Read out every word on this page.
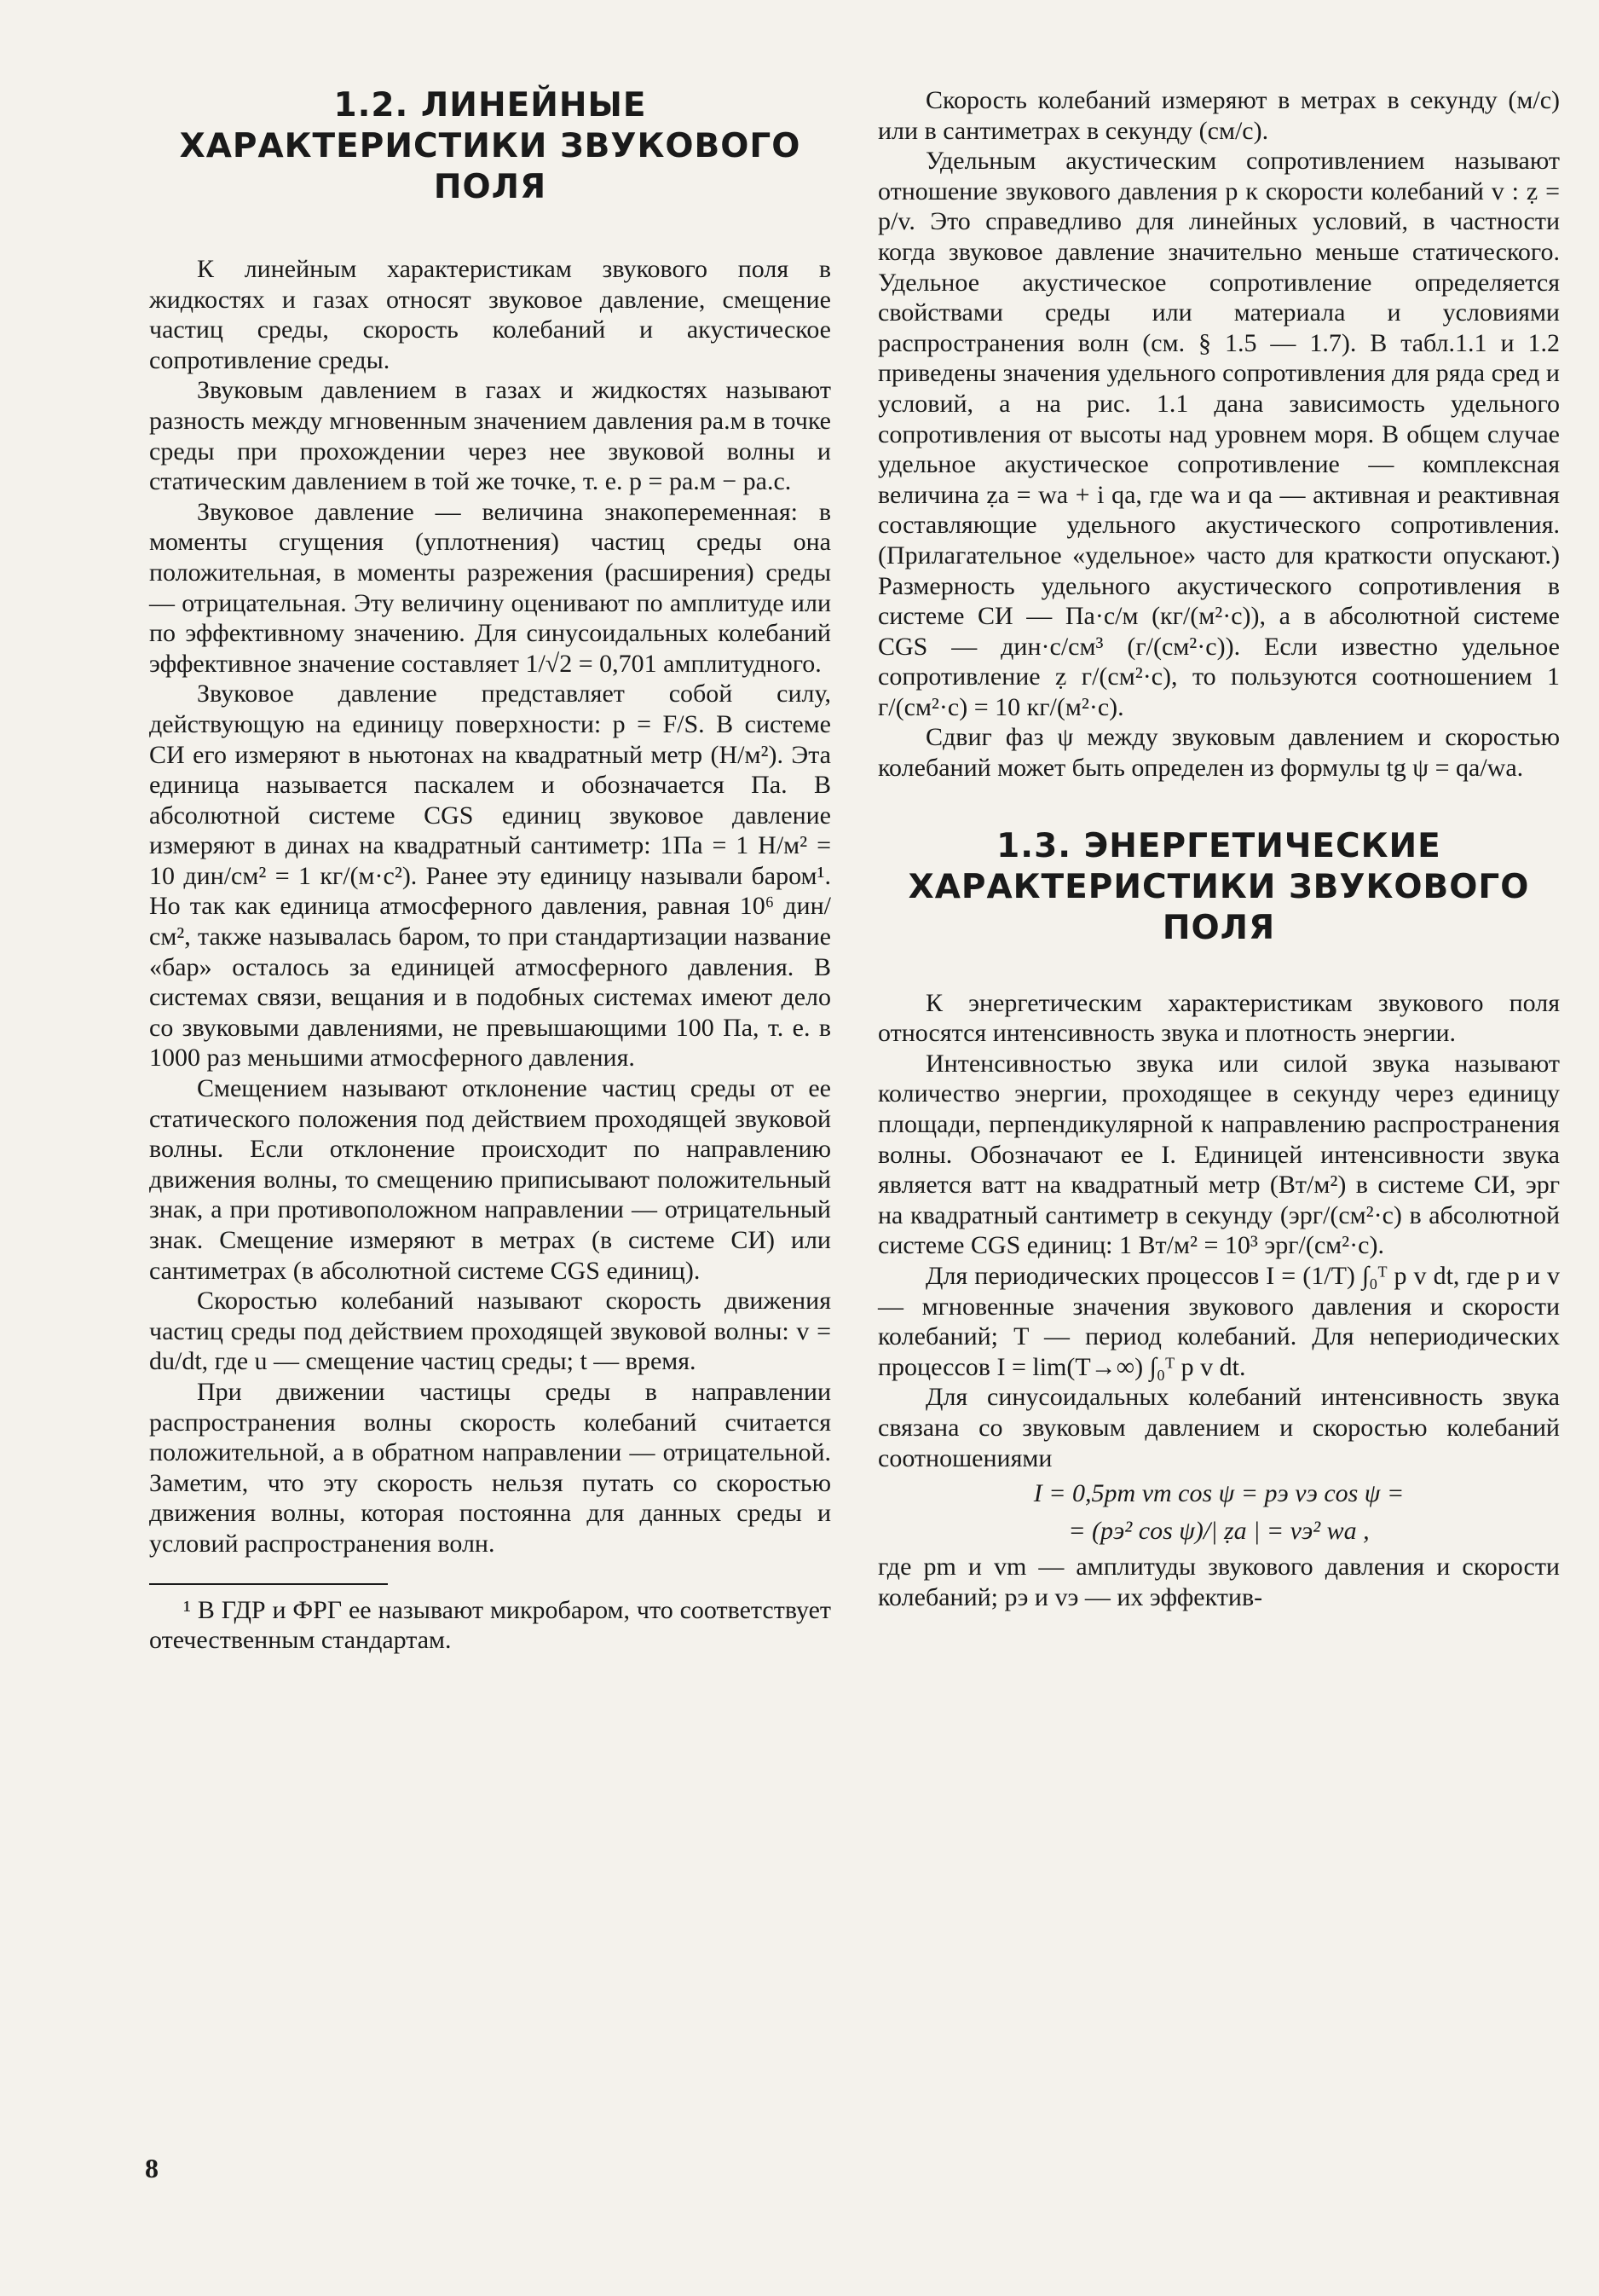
1.2. ЛИНЕЙНЫЕ ХАРАКТЕРИСТИКИ ЗВУКОВОГО ПОЛЯ

К линейным характеристикам звукового поля в жидкостях и газах относят звуковое давление, смещение частиц среды, скорость колебаний и акустическое сопротивление среды.

Звуковым давлением в газах и жидкостях называют разность между мгновенным значением давления pа.м в точке среды при прохождении через нее звуковой волны и статическим давлением в той же точке, т. е. p = pа.м − pа.с.

Звуковое давление — величина знакопеременная: в моменты сгущения (уплотнения) частиц среды она положительная, в моменты разрежения (расширения) среды — отрицательная. Эту величину оценивают по амплитуде или по эффективному значению. Для синусоидальных колебаний эффективное значение составляет 1/√2 = 0,701 амплитудного.

Звуковое давление представляет собой силу, действующую на единицу поверхности: p = F/S. В системе СИ его измеряют в ньютонах на квадратный метр (Н/м²). Эта единица называется паскалем и обозначается Па. В абсолютной системе CGS единиц звуковое давление измеряют в динах на квадратный сантиметр: 1Па = 1 Н/м² = 10 дин/см² = 1 кг/(м·с²). Ранее эту единицу называли баром¹. Но так как единица атмосферного давления, равная 10⁶ дин/см², также называлась баром, то при стандартизации название «бар» осталось за единицей атмосферного давления. В системах связи, вещания и в подобных системах имеют дело со звуковыми давлениями, не превышающими 100 Па, т. е. в 1000 раз меньшими атмосферного давления.

Смещением называют отклонение частиц среды от ее статического положения под действием проходящей звуковой волны. Если отклонение происходит по направлению движения волны, то смещению приписывают положительный знак, а при противоположном направлении — отрицательный знак. Смещение измеряют в метрах (в системе СИ) или сантиметрах (в абсолютной системе CGS единиц).

Скоростью колебаний называют скорость движения частиц среды под действием проходящей звуковой волны: v = du/dt, где u — смещение частиц среды; t — время.

При движении частицы среды в направлении распространения волны скорость колебаний считается положительной, а в обратном направлении — отрицательной. Заметим, что эту скорость нельзя путать со скоростью движения волны, которая постоянна для данных среды и условий распространения волн.

¹ В ГДР и ФРГ ее называют микробаром, что соответствует отечественным стандартам.

Скорость колебаний измеряют в метрах в секунду (м/с) или в сантиметрах в секунду (см/с).

Удельным акустическим сопротивлением называют отношение звукового давления p к скорости колебаний v : ẓ = p/v. Это справедливо для линейных условий, в частности когда звуковое давление значительно меньше статического. Удельное акустическое сопротивление определяется свойствами среды или материала и условиями распространения волн (см. § 1.5 — 1.7). В табл.1.1 и 1.2 приведены значения удельного сопротивления для ряда сред и условий, а на рис. 1.1 дана зависимость удельного сопротивления от высоты над уровнем моря. В общем случае удельное акустическое сопротивление — комплексная величина ẓа = wа + i qа, где wа и qа — активная и реактивная составляющие удельного акустического сопротивления. (Прилагательное «удельное» часто для краткости опускают.) Размерность удельного акустического сопротивления в системе СИ — Па·с/м (кг/(м²·с)), а в абсолютной системе CGS — дин·с/см³ (г/(см²·с)). Если известно удельное сопротивление ẓ г/(см²·с), то пользуются соотношением 1 г/(см²·с) = 10 кг/(м²·с).

Сдвиг фаз ψ между звуковым давлением и скоростью колебаний может быть определен из формулы tg ψ = qа/wа.

1.3. ЭНЕРГЕТИЧЕСКИЕ ХАРАКТЕРИСТИКИ ЗВУКОВОГО ПОЛЯ

К энергетическим характеристикам звукового поля относятся интенсивность звука и плотность энергии.

Интенсивностью звука или силой звука называют количество энергии, проходящее в секунду через единицу площади, перпендикулярной к направлению распространения волны. Обозначают ее I. Единицей интенсивности звука является ватт на квадратный метр (Вт/м²) в системе СИ, эрг на квадратный сантиметр в секунду (эрг/(см²·с) в абсолютной системе CGS единиц: 1 Вт/м² = 10³ эрг/(см²·с).

Для периодических процессов I = (1/T) ∫₀ᵀ p v dt, где p и v — мгновенные значения звукового давления и скорости колебаний; T — период колебаний. Для непериодических процессов I = lim(T→∞) ∫₀ᵀ p v dt.

Для синусоидальных колебаний интенсивность звука связана со звуковым давлением и скоростью колебаний соотношениями

I = 0,5pm vm cos ψ = pэ vэ cos ψ =
= (pэ² cos ψ)/| ẓа | = vэ² wа ,

где pm и vm — амплитуды звукового давления и скорости колебаний; pэ и vэ — их эффектив-

8
